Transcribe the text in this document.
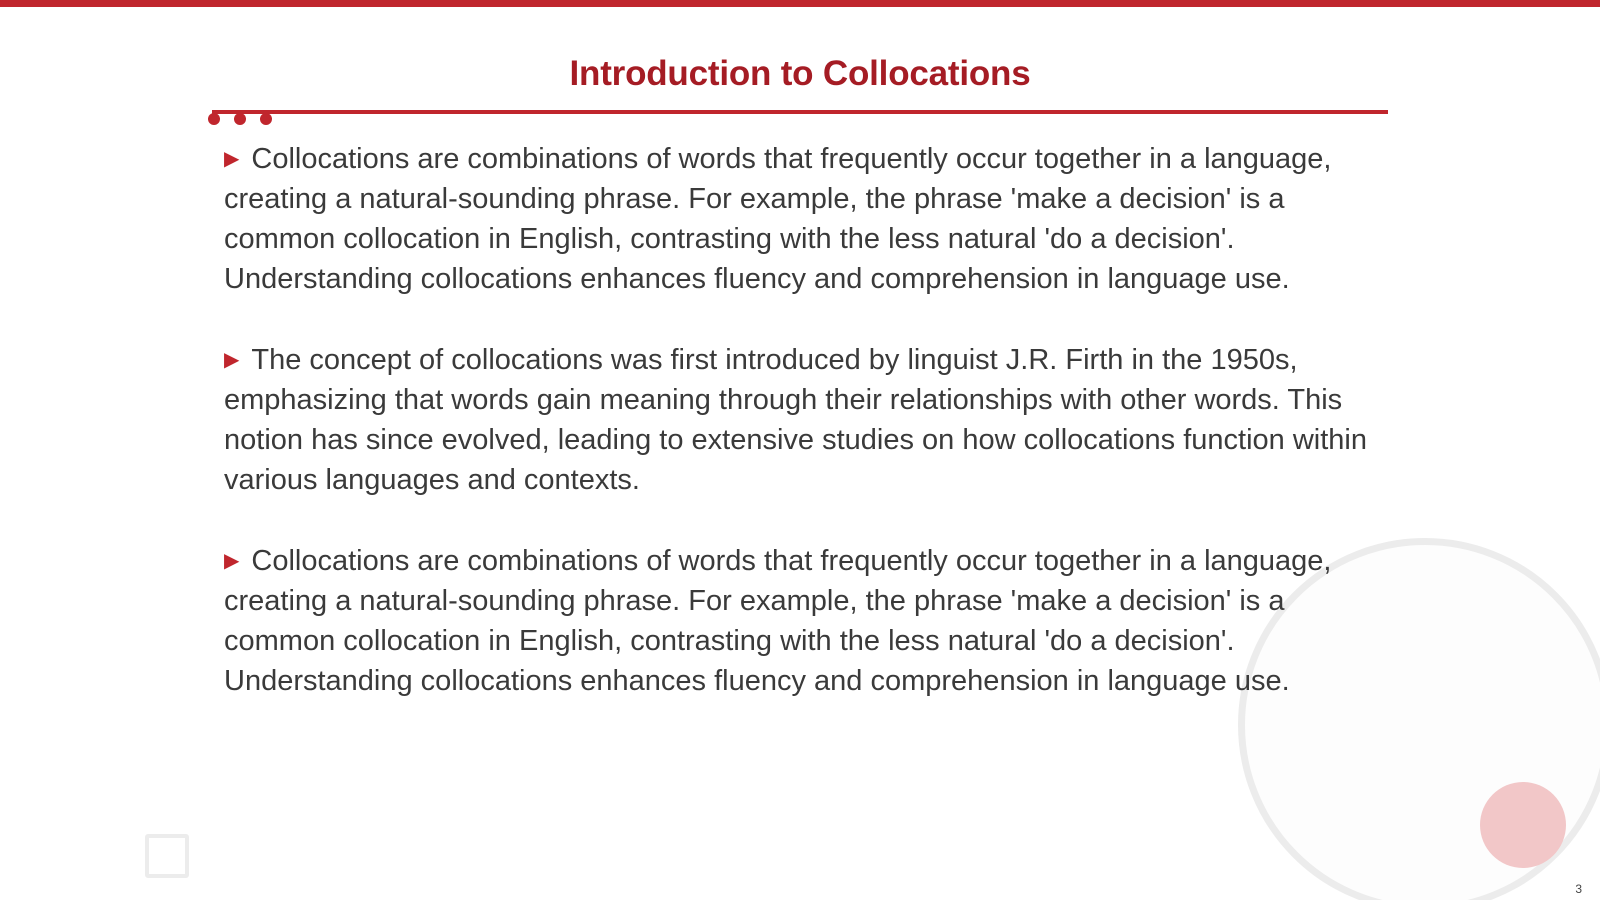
Introduction to Collocations
▶ Collocations are combinations of words that frequently occur together in a language, creating a natural-sounding phrase. For example, the phrase 'make a decision' is a common collocation in English, contrasting with the less natural 'do a decision'. Understanding collocations enhances fluency and comprehension in language use.
▶ The concept of collocations was first introduced by linguist J.R. Firth in the 1950s, emphasizing that words gain meaning through their relationships with other words. This notion has since evolved, leading to extensive studies on how collocations function within various languages and contexts.
▶ Collocations are combinations of words that frequently occur together in a language, creating a natural-sounding phrase. For example, the phrase 'make a decision' is a common collocation in English, contrasting with the less natural 'do a decision'. Understanding collocations enhances fluency and comprehension in language use.
3
